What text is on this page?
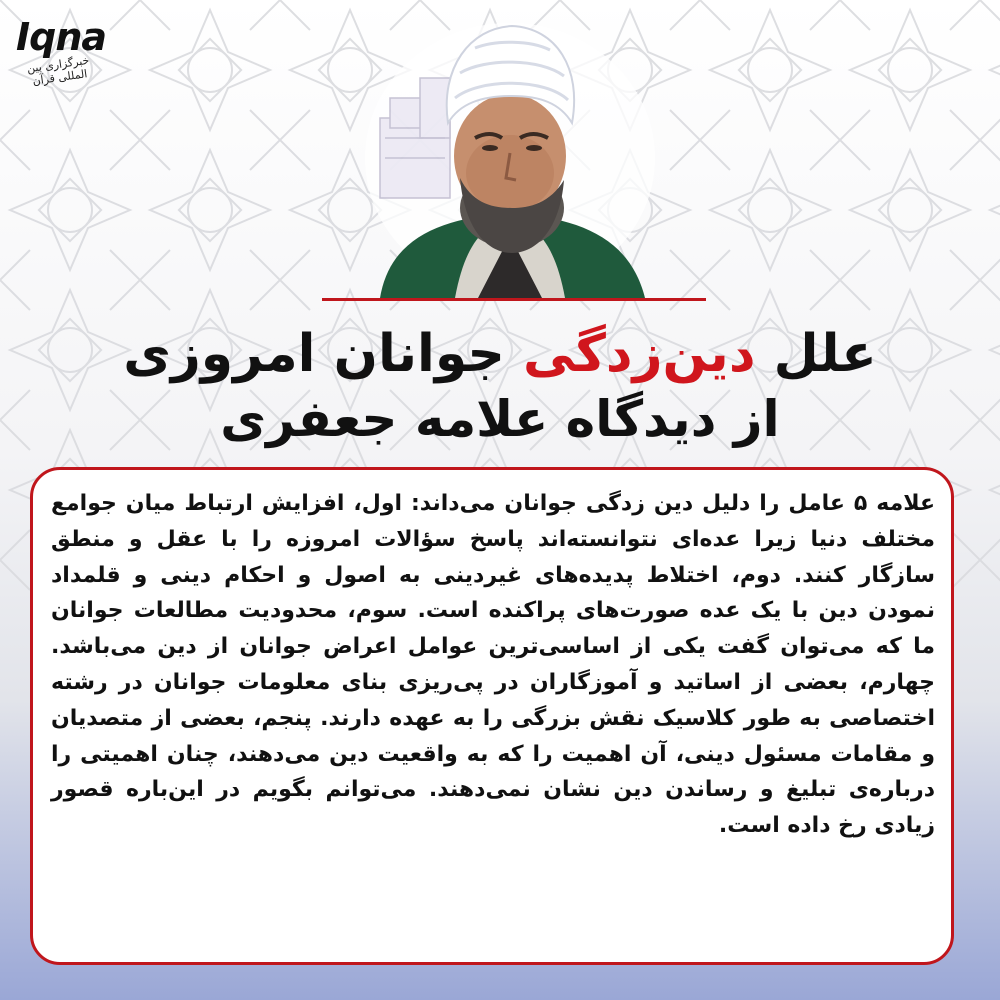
Iqna
خبرگزاری بین المللی قرآن
علل دین‌زدگی جوانان امروزی
از دیدگاه علامه جعفری

علامه ۵ عامل را دلیل دین زدگی جوانان می‌داند: اول، افزایش ارتباط میان جوامع مختلف دنیا زیرا عده‌ای نتوانسته‌اند پاسخ سؤالات امروزه را با عقل و منطق سازگار کنند. دوم، اختلاط پدیده‌های غیردینی به اصول و احکام دینی و قلمداد نمودن دین با یک عده صورت‌های پراکنده است. سوم، محدودیت مطالعات جوانان ما که می‌توان گفت یکی از اساسی‌ترین عوامل اعراض جوانان از دین می‌باشد. چهارم، بعضی از اساتید و آموزگاران در پی‌ریزی بنای معلومات جوانان در رشته اختصاصی به طور کلاسیک نقش بزرگی را به عهده دارند. پنجم، بعضی از متصدیان و مقامات مسئول دینی، آن اهمیت را که به واقعیت دین می‌دهند، چنان اهمیتی را درباره‌ی تبلیغ و رساندن دین نشان نمی‌دهند. می‌توانم بگویم در این‌باره قصور زیادی رخ داده است.
